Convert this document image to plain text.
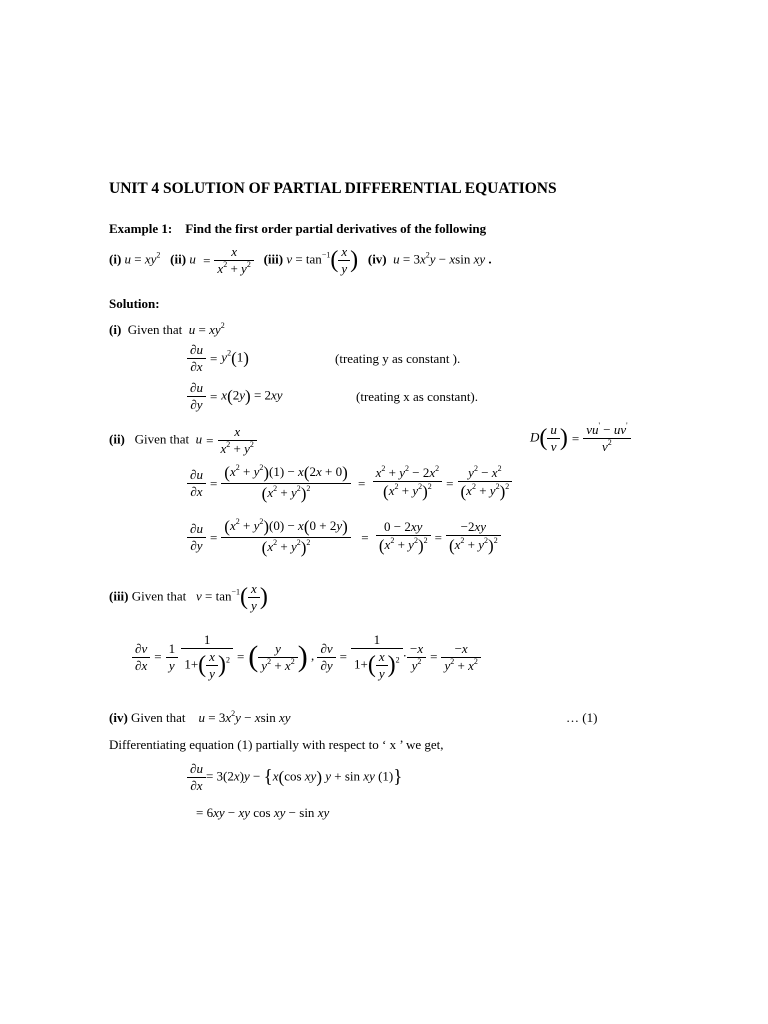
UNIT 4 SOLUTION OF PARTIAL DIFFERENTIAL EQUATIONS
Example 1: Find the first order partial derivatives of the following
(i) $u = xy^2$ (ii) $u = \frac{x}{x^2 + y^2} (iii) v = \tan^{-1}( \frac{x}{y}$ ) (iv) $u = 3x^2y - xsin$ xy .
Solution:
(i) Given that $u = xy^2$
$\frac{\partial u}{\partial x} = y^2(1)$	(treating y as constant ).
$\frac{\partial u}{\partial y} = x(2y) = 2xy$	(treating x as constant).
(ii) Given that $u = \frac{x}{x^2 + y^2}$	$D( \frac{u}{v}$ ) = $\frac{vu' - uv'}{v^2}$
$\frac{\partial u}{\partial x} = \frac{(x^2 + y^2)(1) - x(2x + 0)}{(x^2 + y^2)^2} = \frac{x^2 + y^2 - 2x^2}{(x^2 + y^2)^2} = \frac{y^2 - x^2}{(x^2 + y^2)^2}$
$\frac{\partial u}{\partial y} = \frac{(x^2 + y^2)(0) - x(0 + 2y)}{(x^2 + y^2)^2} = \frac{0 - 2xy}{(x^2 + y^2)^2} = \frac{-2xy}{(x^2 + y^2)^2}$
(iii) Given that $v = \tan^{-1}( \frac{x}{y}$ )
$\frac{\partial v}{\partial x} = \frac{1}{y}$
$\frac{1}{1+( \frac{x}{y} )^2}$ = ( $\frac{y}{y^2 + x^2}$ ) , $\frac{\partial v}{\partial y} = \frac{1}{1+( \frac{x}{y} )^2} \cdot \frac{-x}{y^2} = \frac{-x}{y^2 + x^2}$
(iv) Given that $u = 3x^2y - xsin$ xy	… (1)
Differentiating equation (1) partially with respect to ‘ x ’ we get,
$\frac{\partial u}{\partial x} = 3(2x)y - \{x(\cos$ xy) y + sin xy (1)}
= 6xy − xy cos xy − sin xy
